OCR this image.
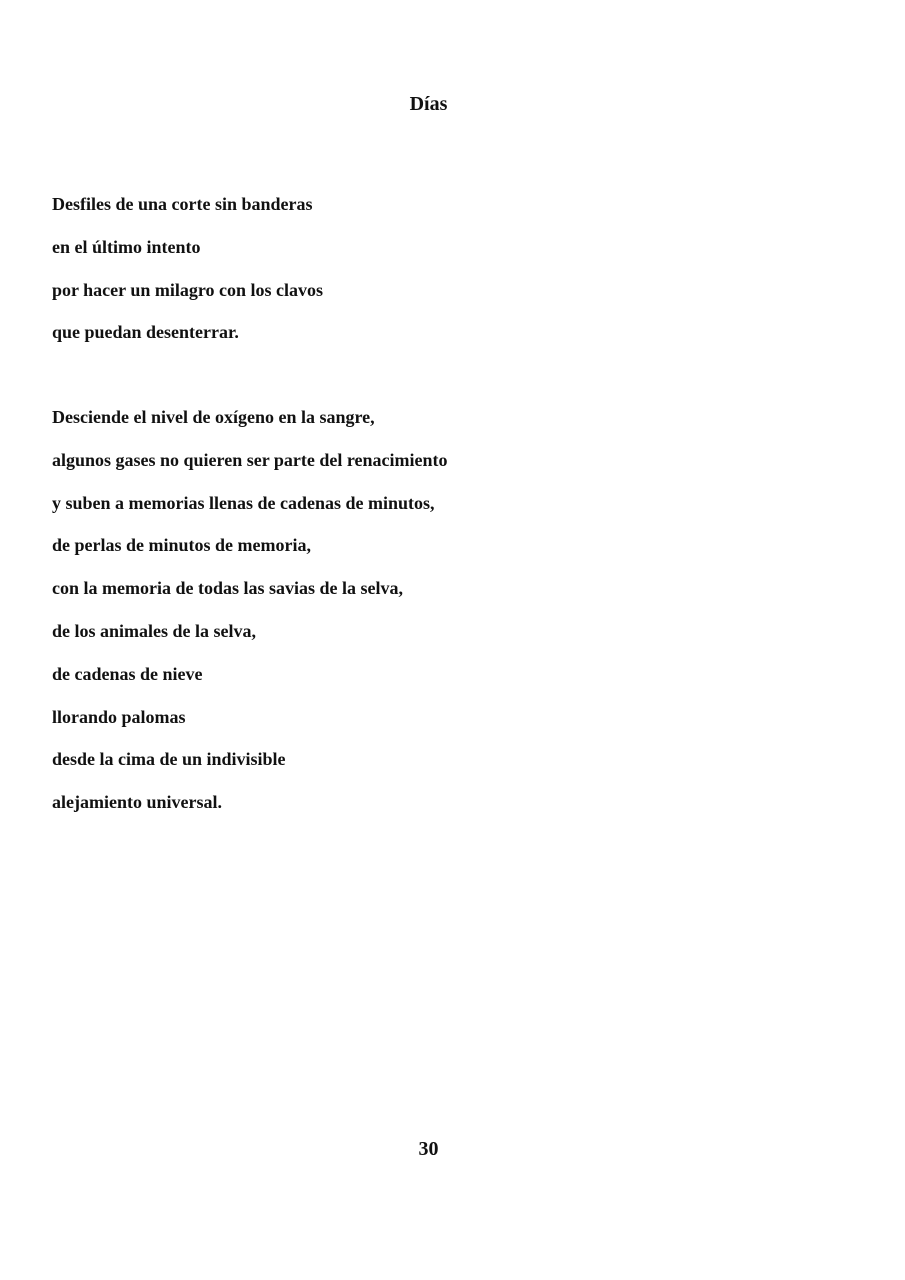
Días
Desfiles de una corte sin banderas
en el último intento
por hacer un milagro con los clavos
que puedan desenterrar.
Desciende el nivel de oxígeno en la sangre,
algunos gases no quieren ser parte del renacimiento
y suben a memorias llenas de cadenas de minutos,
de perlas de minutos de memoria,
con la memoria de todas las savias de la selva,
de los animales de la selva,
de cadenas de nieve
llorando palomas
desde la cima de un indivisible
alejamiento universal.
30
